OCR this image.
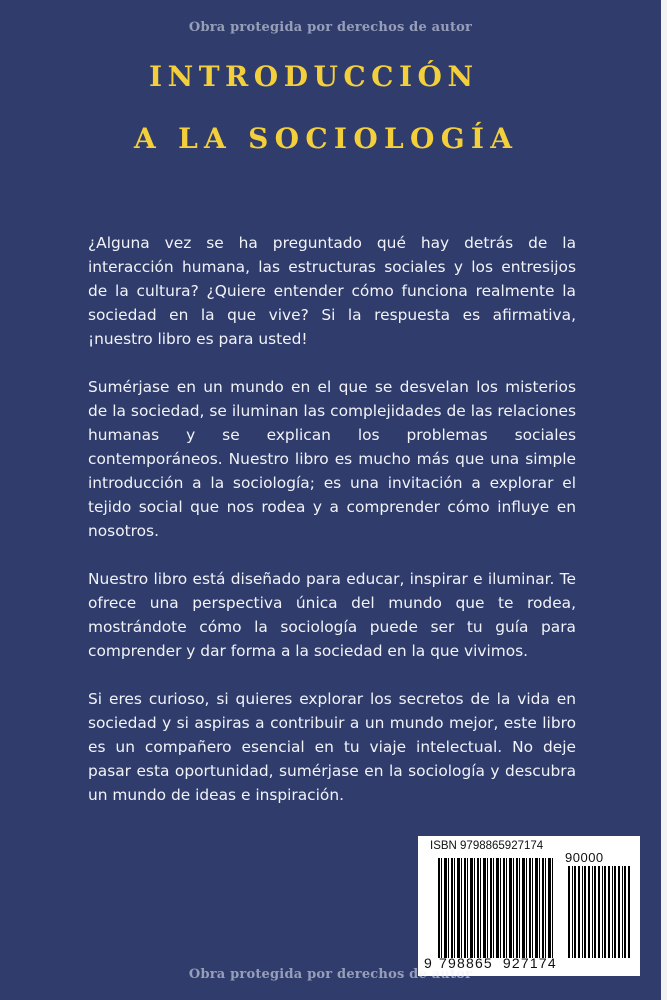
Obra protegida por derechos de autor
INTRODUCCIÓN
A LA SOCIOLOGÍA

¿Alguna vez se ha preguntado qué hay detrás de la interacción humana, las estructuras sociales y los entresijos de la cultura? ¿Quiere entender cómo funciona realmente la sociedad en la que vive? Si la respuesta es afirmativa, ¡nuestro libro es para usted!

Sumérjase en un mundo en el que se desvelan los misterios de la sociedad, se iluminan las complejidades de las relaciones humanas y se explican los problemas sociales contemporáneos. Nuestro libro es mucho más que una simple introducción a la sociología; es una invitación a explorar el tejido social que nos rodea y a comprender cómo influye en nosotros.

Nuestro libro está diseñado para educar, inspirar e iluminar. Te ofrece una perspectiva única del mundo que te rodea, mostrándote cómo la sociología puede ser tu guía para comprender y dar forma a la sociedad en la que vivimos.

Si eres curioso, si quieres explorar los secretos de la vida en sociedad y si aspiras a contribuir a un mundo mejor, este libro es un compañero esencial en tu viaje intelectual. No deje pasar esta oportunidad, sumérjase en la sociología y descubra un mundo de ideas e inspiración.

ISBN 9798865927174
90000
9 798865 927174
Obra protegida por derechos de autor
